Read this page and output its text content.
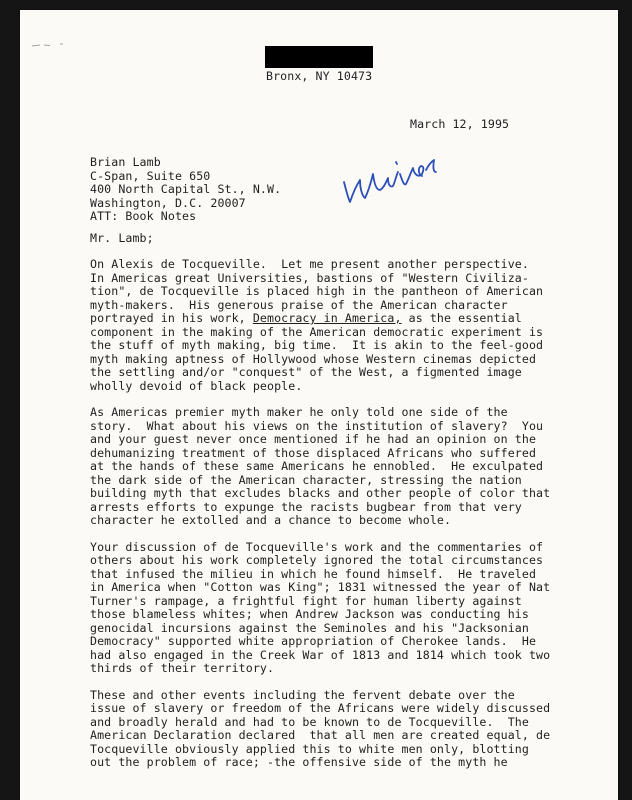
Bronx, NY 10473
March 12, 1995
Brian Lamb
C-Span, Suite 650
400 North Capital St., N.W.
Washington, D.C. 20007
ATT: Book Notes
Mr. Lamb;
On Alexis de Tocqueville.  Let me present another perspective.
In Americas great Universities, bastions of "Western Civiliza-
tion", de Tocqueville is placed high in the pantheon of American
myth-makers.  His generous praise of the American character
portrayed in his work, Democracy in America, as the essential
component in the making of the American democratic experiment is
the stuff of myth making, big time.  It is akin to the feel-good
myth making aptness of Hollywood whose Western cinemas depicted
the settling and/or "conquest" of the West, a figmented image
wholly devoid of black people.
As Americas premier myth maker he only told one side of the
story.  What about his views on the institution of slavery?  You
and your guest never once mentioned if he had an opinion on the
dehumanizing treatment of those displaced Africans who suffered
at the hands of these same Americans he ennobled.  He exculpated
the dark side of the American character, stressing the nation
building myth that excludes blacks and other people of color that
arrests efforts to expunge the racists bugbear from that very
character he extolled and a chance to become whole.
Your discussion of de Tocqueville's work and the commentaries of
others about his work completely ignored the total circumstances
that infused the milieu in which he found himself.  He traveled
in America when "Cotton was King"; 1831 witnessed the year of Nat
Turner's rampage, a frightful fight for human liberty against
those blameless whites; when Andrew Jackson was conducting his
genocidal incursions against the Seminoles and his "Jacksonian
Democracy" supported white appropriation of Cherokee lands.  He
had also engaged in the Creek War of 1813 and 1814 which took two
thirds of their territory.
These and other events including the fervent debate over the
issue of slavery or freedom of the Africans were widely discussed
and broadly herald and had to be known to de Tocqueville.  The
American Declaration declared  that all men are created equal, de
Tocqueville obviously applied this to white men only, blotting
out the problem of race; -the offensive side of the myth he
